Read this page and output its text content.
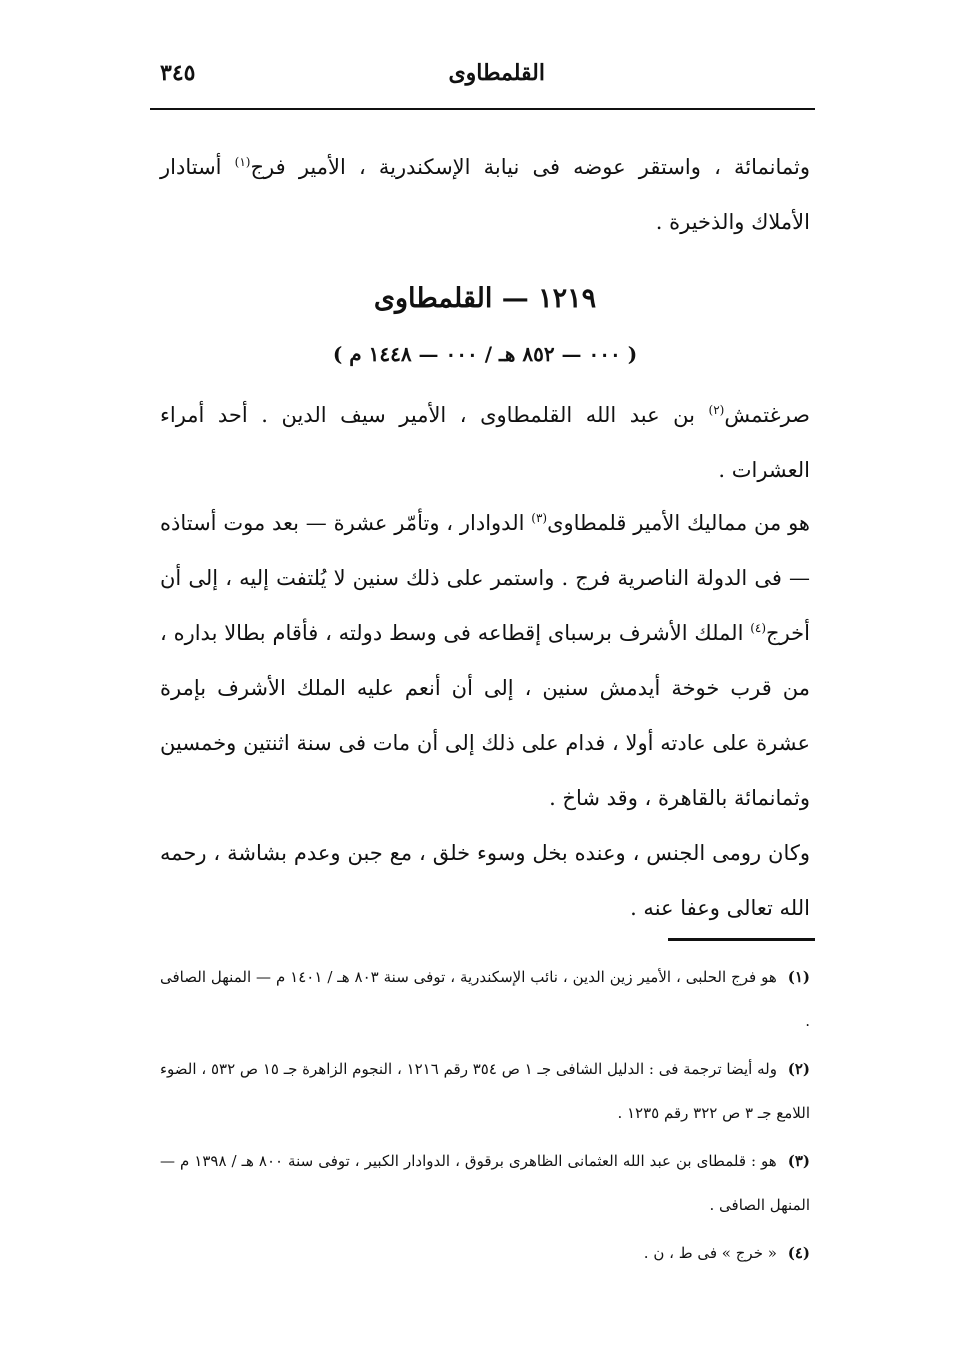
القلمطاوى
٣٤٥
وثمانمائة ، واستقر عوضه فى نيابة الإسكندرية ، الأمير فرج$^{(١)}$ أستادار الأملاك والذخيرة .
١٢١٩ — القلمطاوى
( ٠٠٠ — ٨٥٢ هـ / ٠٠٠ — ١٤٤٨ م )
صرغتمش$^{(٢)}$ بن عبد الله القلمطاوى ، الأمير سيف الدين . أحد أمراء العشرات .
هو من مماليك الأمير قلمطاوى$^{(٣)}$ الدوادار ، وتأمّر عشرة — بعد موت أستاذه — فى الدولة الناصرية فرج . واستمر على ذلك سنين لا يُلتفت إليه ، إلى أن أخرج$^{(٤)}$ الملك الأشرف برسباى إقطاعه فى وسط دولته ، فأقام بطالا بداره ، من قرب خوخة أيدمش سنين ، إلى أن أنعم عليه الملك الأشرف بإمرة عشرة على عادته أولا ، فدام على ذلك إلى أن مات فى سنة اثنتين وخمسين وثمانمائة بالقاهرة ، وقد شاخ .
وكان رومى الجنس ، وعنده بخل وسوء خلق ، مع جبن وعدم بشاشة ، رحمه الله تعالى وعفا عنه .
(١) هو فرج الحلبى ، الأمير زين الدين ، نائب الإسكندرية ، توفى سنة ٨٠٣ هـ / ١٤٠١ م — المنهل الصافى .
(٢) وله أيضا ترجمة فى : الدليل الشافى جـ ١ ص ٣٥٤ رقم ١٢١٦ ، النجوم الزاهرة جـ ١٥ ص ٥٣٢ ، الضوء اللامع جـ ٣ ص ٣٢٢ رقم ١٢٣٥ .
(٣) هو : قلمطاى بن عبد الله العثمانى الظاهرى برقوق ، الدوادار الكبير ، توفى سنة ٨٠٠ هـ / ١٣٩٨ م — المنهل الصافى .
(٤) « خرج » فى ط ، ن .
